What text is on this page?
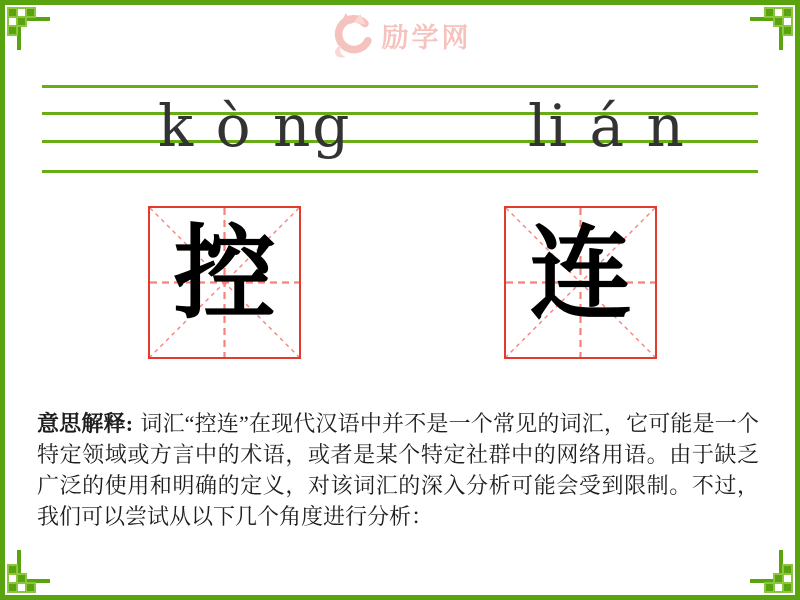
励学网
k ò ng	li á n
控 连

意思解释: 词汇“控连”在现代汉语中并不是一个常见的词汇，它可能是一个特定领域或方言中的术语，或者是某个特定社群中的网络用语。由于缺乏广泛的使用和明确的定义，对该词汇的深入分析可能会受到限制。不过，我们可以尝试从以下几个角度进行分析：
